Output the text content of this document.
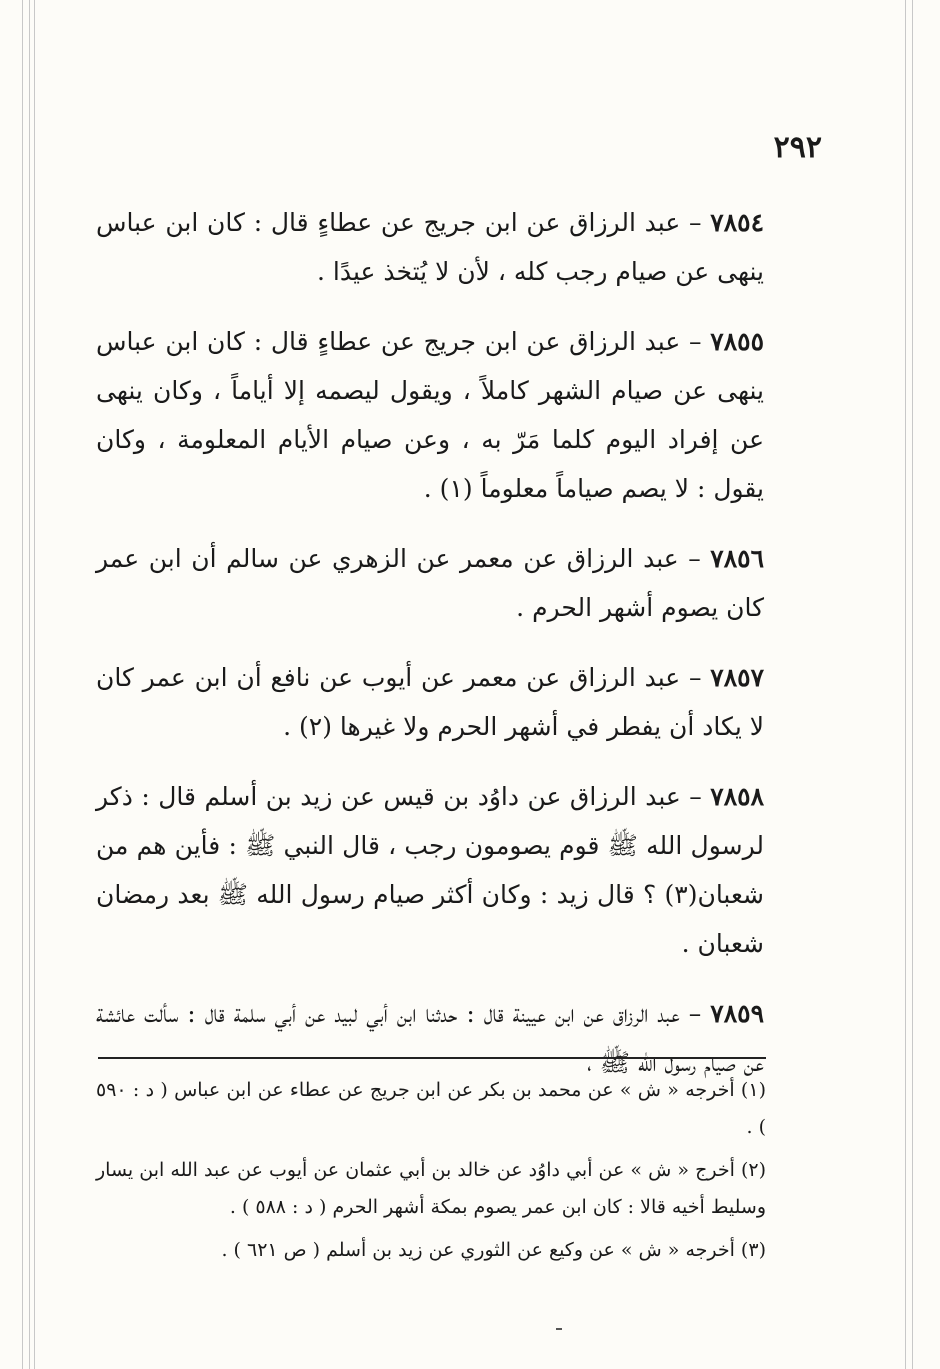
٢٩٢

٧٨٥٤ – عبد الرزاق عن ابن جريج عن عطاءٍ قال : كان ابن عباس ينهى عن صيام رجب كله ، لأن لا يُتخذ عيدًا .

٧٨٥٥ – عبد الرزاق عن ابن جريج عن عطاءٍ قال : كان ابن عباس ينهى عن صيام الشهر كاملاً ، ويقول ليصمه إلا أياماً ، وكان ينهى عن إفراد اليوم كلما مَرّ به ، وعن صيام الأيام المعلومة ، وكان يقول : لا يصم صياماً معلوماً (١) .

٧٨٥٦ – عبد الرزاق عن معمر عن الزهري عن سالم أن ابن عمر كان يصوم أشهر الحرم .

٧٨٥٧ – عبد الرزاق عن معمر عن أيوب عن نافع أن ابن عمر كان لا يكاد أن يفطر في أشهر الحرم ولا غيرها (٢) .

٧٨٥٨ – عبد الرزاق عن داوُد بن قيس عن زيد بن أسلم قال : ذكر لرسول الله ﷺ قوم يصومون رجب ، قال النبي ﷺ : فأين هم من شعبان(٣) ؟ قال زيد : وكان أكثر صيام رسول الله ﷺ بعد رمضان شعبان .

٧٨٥٩ – عبد الرزاق عن ابن عيينة قال : حدثنا ابن أبي لبيد عن أبي سلمة قال : سألت عائشة عن صيام رسول الله ﷺ ،

(١) أخرجه « ش » عن محمد بن بكر عن ابن جريج عن عطاء عن ابن عباس ( د : ٥٩٠ ) .
(٢) أخرج « ش » عن أبي داوُد عن خالد بن أبي عثمان عن أيوب عن عبد الله ابن يسار وسليط أخيه قالا : كان ابن عمر يصوم بمكة أشهر الحرم ( د : ٥٨٨ ) .
(٣) أخرجه « ش » عن وكيع عن الثوري عن زيد بن أسلم ( ص ٦٢١ ) .
